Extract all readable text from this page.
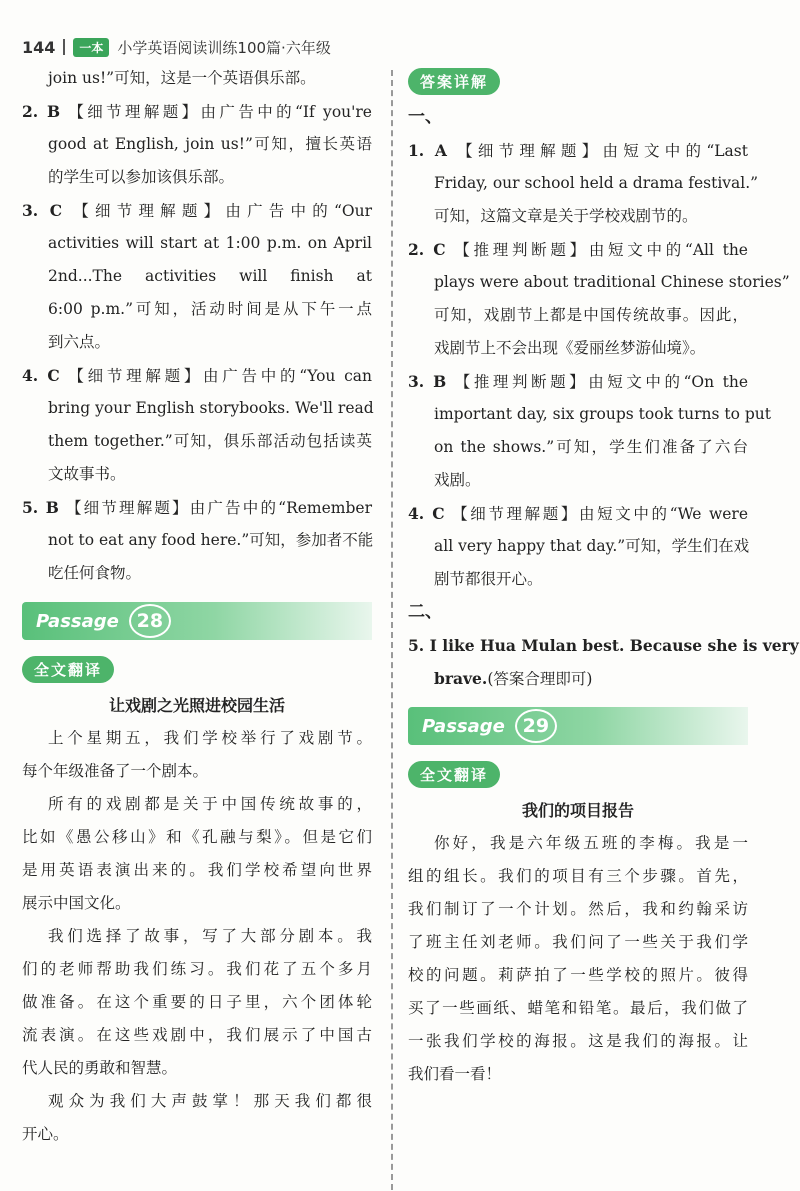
144	一本 小学英语阅读训练100篇·六年级
join us!”可知，这是一个英语俱乐部。
2. B 【细节理解题】由广告中的“If you're
good at English, join us!”可知，擅长英语
的学生可以参加该俱乐部。
3. C 【细节理解题】由广告中的“Our
activities will start at 1:00 p.m. on April
2nd...The activities will finish at
6:00 p.m.”可知，活动时间是从下午一点
到六点。
4. C 【细节理解题】由广告中的“You can
bring your English storybooks. We'll read
them together.”可知，俱乐部活动包括读英
文故事书。
5. B 【细节理解题】由广告中的“Remember
not to eat any food here.”可知，参加者不能
吃任何食物。
Passage 28
全文翻译
让戏剧之光照进校园生活
上个星期五，我们学校举行了戏剧节。
每个年级准备了一个剧本。
所有的戏剧都是关于中国传统故事的，
比如《愚公移山》和《孔融与梨》。但是它们
是用英语表演出来的。我们学校希望向世界
展示中国文化。
我们选择了故事，写了大部分剧本。我
们的老师帮助我们练习。我们花了五个多月
做准备。在这个重要的日子里，六个团体轮
流表演。在这些戏剧中，我们展示了中国古
代人民的勇敢和智慧。
观众为我们大声鼓掌！那天我们都很
开心。
答案详解
一、
1. A 【细节理解题】由短文中的“Last
Friday, our school held a drama festival.”
可知，这篇文章是关于学校戏剧节的。
2. C 【推理判断题】由短文中的“All the
plays were about traditional Chinese stories”
可知，戏剧节上都是中国传统故事。因此，
戏剧节上不会出现《爱丽丝梦游仙境》。
3. B 【推理判断题】由短文中的“On the
important day, six groups took turns to put
on the shows.”可知，学生们准备了六台
戏剧。
4. C 【细节理解题】由短文中的“We were
all very happy that day.”可知，学生们在戏
剧节都很开心。
二、
5. I like Hua Mulan best. Because she is very
brave.(答案合理即可)
Passage 29
全文翻译
我们的项目报告
你好，我是六年级五班的李梅。我是一
组的组长。我们的项目有三个步骤。首先，
我们制订了一个计划。然后，我和约翰采访
了班主任刘老师。我们问了一些关于我们学
校的问题。莉萨拍了一些学校的照片。彼得
买了一些画纸、蜡笔和铅笔。最后，我们做了
一张我们学校的海报。这是我们的海报。让
我们看一看！
